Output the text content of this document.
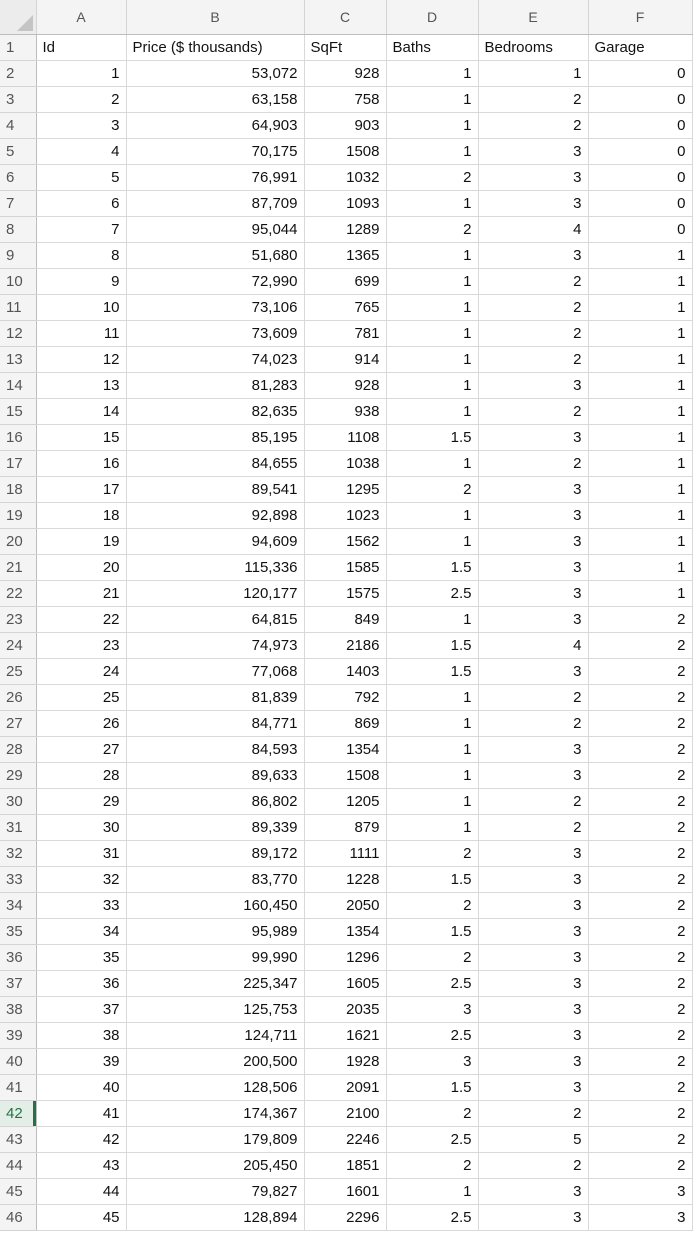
	A	B	C	D	E	F
1	Id	Price ($ thousands)	SqFt	Baths	Bedrooms	Garage
2	1	53,072	928	1	1	0
3	2	63,158	758	1	2	0
4	3	64,903	903	1	2	0
5	4	70,175	1508	1	3	0
6	5	76,991	1032	2	3	0
7	6	87,709	1093	1	3	0
8	7	95,044	1289	2	4	0
9	8	51,680	1365	1	3	1
10	9	72,990	699	1	2	1
11	10	73,106	765	1	2	1
12	11	73,609	781	1	2	1
13	12	74,023	914	1	2	1
14	13	81,283	928	1	3	1
15	14	82,635	938	1	2	1
16	15	85,195	1108	1.5	3	1
17	16	84,655	1038	1	2	1
18	17	89,541	1295	2	3	1
19	18	92,898	1023	1	3	1
20	19	94,609	1562	1	3	1
21	20	115,336	1585	1.5	3	1
22	21	120,177	1575	2.5	3	1
23	22	64,815	849	1	3	2
24	23	74,973	2186	1.5	4	2
25	24	77,068	1403	1.5	3	2
26	25	81,839	792	1	2	2
27	26	84,771	869	1	2	2
28	27	84,593	1354	1	3	2
29	28	89,633	1508	1	3	2
30	29	86,802	1205	1	2	2
31	30	89,339	879	1	2	2
32	31	89,172	1111	2	3	2
33	32	83,770	1228	1.5	3	2
34	33	160,450	2050	2	3	2
35	34	95,989	1354	1.5	3	2
36	35	99,990	1296	2	3	2
37	36	225,347	1605	2.5	3	2
38	37	125,753	2035	3	3	2
39	38	124,711	1621	2.5	3	2
40	39	200,500	1928	3	3	2
41	40	128,506	2091	1.5	3	2
42	41	174,367	2100	2	2	2
43	42	179,809	2246	2.5	5	2
44	43	205,450	1851	2	2	2
45	44	79,827	1601	1	3	3
46	45	128,894	2296	2.5	3	3
